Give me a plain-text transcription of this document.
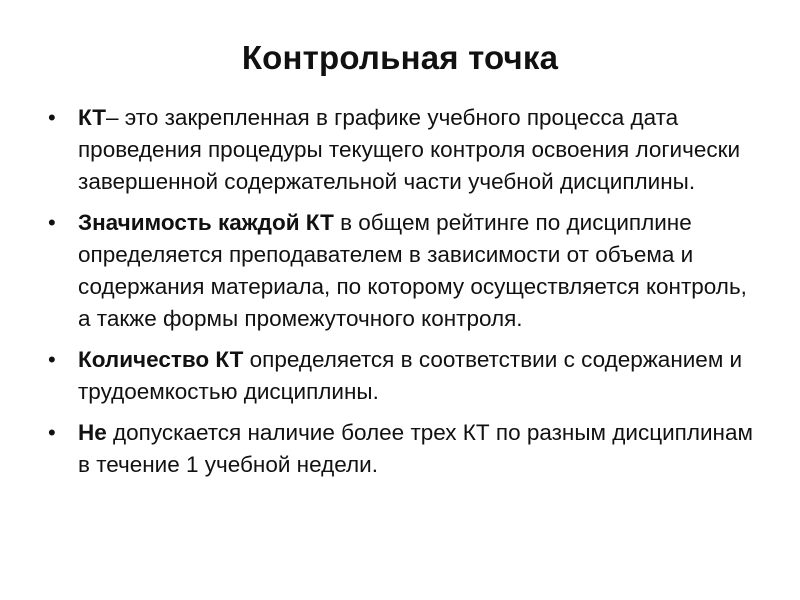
Контрольная точка
• КТ– это закрепленная в графике учебного процесса дата проведения процедуры текущего контроля освоения логически завершенной содержательной части учебной дисциплины.
• Значимость каждой КТ в общем рейтинге по дисциплине определяется преподавателем в зависимости от объема и содержания материала, по которому осуществляется контроль, а также формы промежуточного контроля.
• Количество КТ определяется в соответствии с содержанием и трудоемкостью дисциплины.
• Не допускается наличие более трех КТ по разным дисциплинам в течение 1 учебной недели.
